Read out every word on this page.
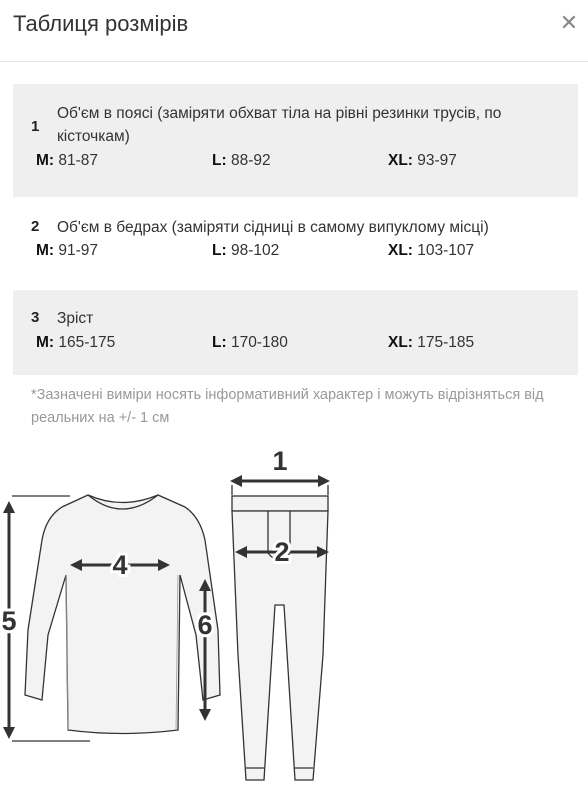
Таблиця розмірів	✕
1
Об'єм в поясі (заміряти обхват тіла на рівні резинки трусів, по кісточкам)
M: 81-87	L: 88-92	XL: 93-97
2 Об'єм в бедрах (заміряти сідниці в самому випуклому місці)
M: 91-97	L: 98-102	XL: 103-107
3 Зріст
M: 165-175	L: 170-180	XL: 175-185
*Зазначені виміри носять інформативний характер і можуть відрізняться від реальних на +/- 1 см
1
2
4
5	6
